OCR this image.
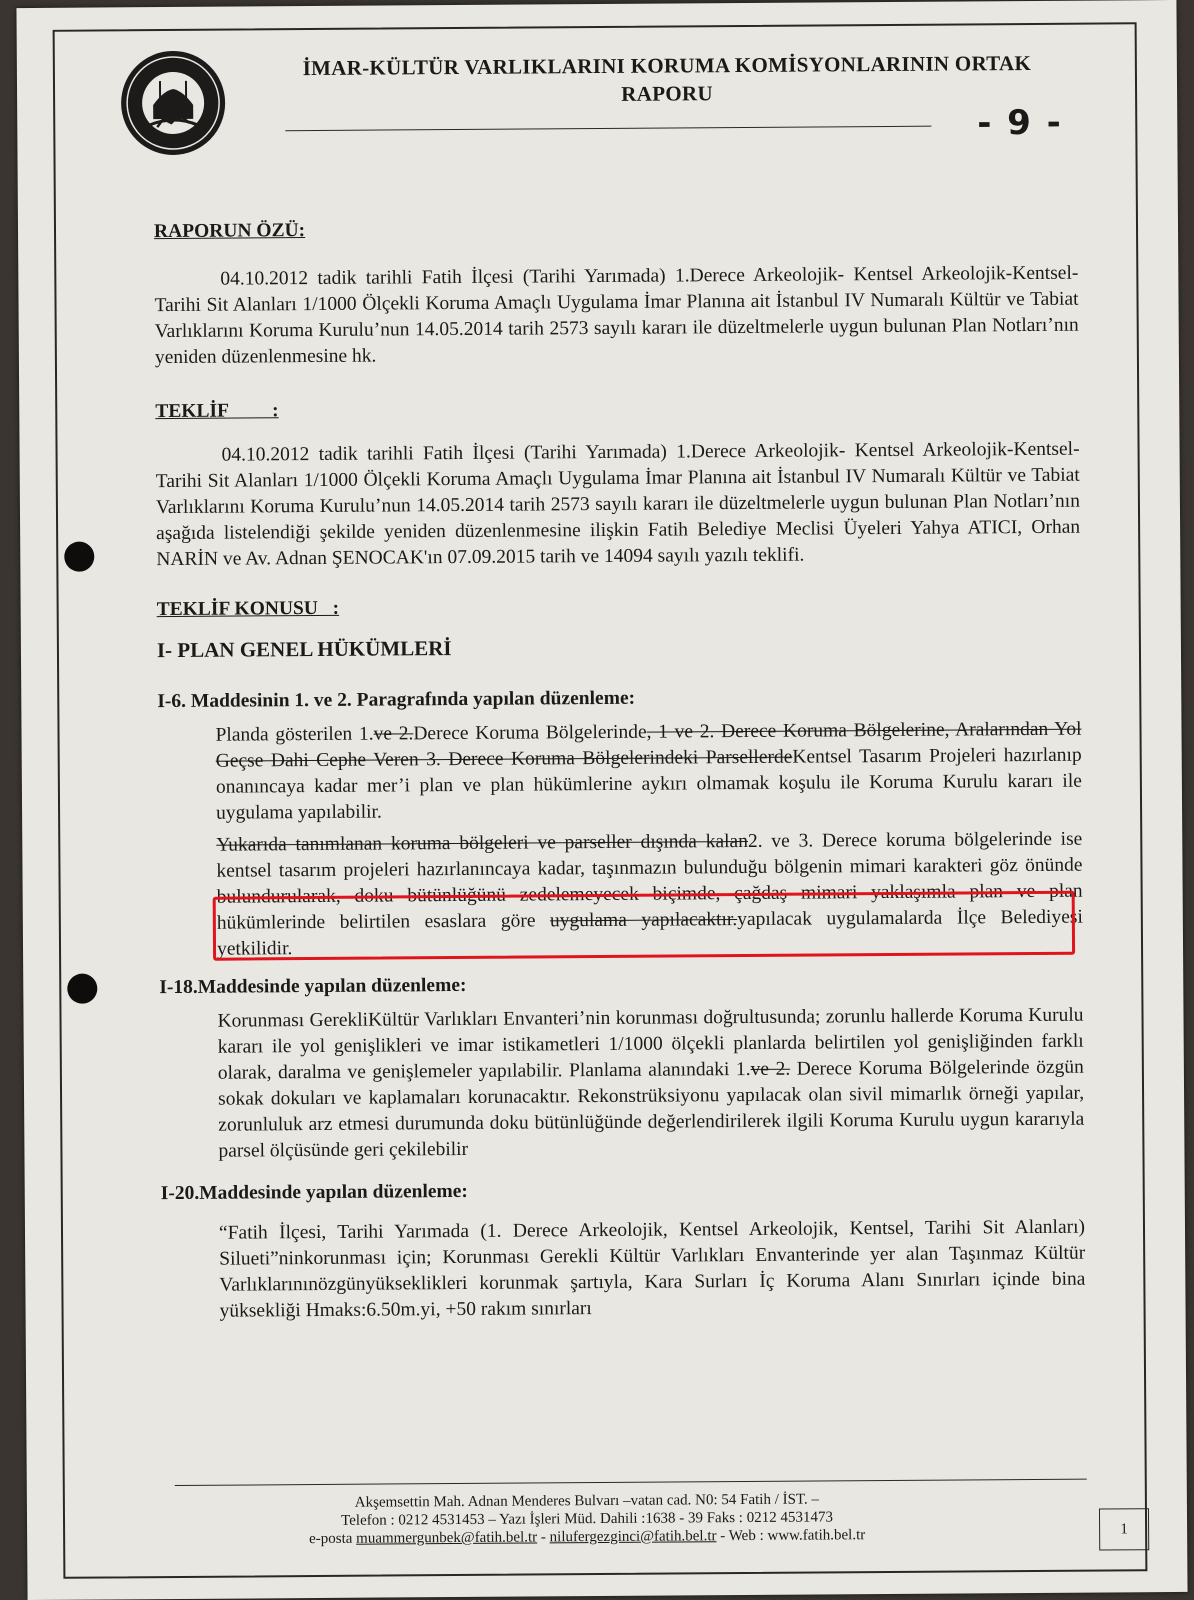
İMAR-KÜLTÜR VARLIKLARINI KORUMA KOMİSYONLARININ ORTAK
RAPORU
- 9 -

RAPORUN ÖZÜ:

04.10.2012 tadik tarihli Fatih İlçesi (Tarihi Yarımada) 1.Derece Arkeolojik- Kentsel Arkeolojik-Kentsel-Tarihi Sit Alanları 1/1000 Ölçekli Koruma Amaçlı Uygulama İmar Planına ait İstanbul IV Numaralı Kültür ve Tabiat Varlıklarını Koruma Kurulu’nun 14.05.2014 tarih 2573 sayılı kararı ile düzeltmelerle uygun bulunan Plan Notları’nın yeniden düzenlenmesine hk.

TEKLİF         :

04.10.2012 tadik tarihli Fatih İlçesi (Tarihi Yarımada) 1.Derece Arkeolojik- Kentsel Arkeolojik-Kentsel-Tarihi Sit Alanları 1/1000 Ölçekli Koruma Amaçlı Uygulama İmar Planına ait İstanbul IV Numaralı Kültür ve Tabiat Varlıklarını Koruma Kurulu’nun 14.05.2014 tarih 2573 sayılı kararı ile düzeltmelerle uygun bulunan Plan Notları’nın aşağıda listelendiği şekilde yeniden düzenlenmesine ilişkin Fatih Belediye Meclisi Üyeleri Yahya ATICI, Orhan NARİN ve Av. Adnan ŞENOCAK'ın 07.09.2015 tarih ve 14094 sayılı yazılı teklifi.

TEKLİF KONUSU   :

I- PLAN GENEL HÜKÜMLERİ

I-6. Maddesinin 1. ve 2. Paragrafında yapılan düzenleme:

Planda gösterilen 1.ve 2.Derece Koruma Bölgelerinde, 1 ve 2. Derece Koruma Bölgelerine, Aralarından Yol Geçse Dahi Cephe Veren 3. Derece Koruma Bölgelerindeki ParsellerdeKentsel Tasarım Projeleri hazırlanıp onanıncaya kadar mer’i plan ve plan hükümlerine aykırı olmamak koşulu ile Koruma Kurulu kararı ile uygulama yapılabilir.

Yukarıda tanımlanan koruma bölgeleri ve parseller dışında kalan2. ve 3. Derece koruma bölgelerinde ise kentsel tasarım projeleri hazırlanıncaya kadar, taşınmazın bulunduğu bölgenin mimari karakteri göz önünde bulundurularak, doku bütünlüğünü zedelemeyecek biçimde, çağdaş mimari yaklaşımla plan ve plan hükümlerinde belirtilen esaslara göre uygulama yapılacaktır.yapılacak uygulamalarda İlçe Belediyesi yetkilidir.

I-18.Maddesinde yapılan düzenleme:

Korunması GerekliKültür Varlıkları Envanteri’nin korunması doğrultusunda; zorunlu hallerde Koruma Kurulu kararı ile yol genişlikleri ve imar istikametleri 1/1000 ölçekli planlarda belirtilen yol genişliğinden farklı olarak, daralma ve genişlemeler yapılabilir. Planlama alanındaki 1.ve 2. Derece Koruma Bölgelerinde özgün sokak dokuları ve kaplamaları korunacaktır. Rekonstrüksiyonu yapılacak olan sivil mimarlık örneği yapılar, zorunluluk arz etmesi durumunda doku bütünlüğünde değerlendirilerek ilgili Koruma Kurulu uygun kararıyla parsel ölçüsünde geri çekilebilir

I-20.Maddesinde yapılan düzenleme:

“Fatih İlçesi, Tarihi Yarımada (1. Derece Arkeolojik, Kentsel Arkeolojik, Kentsel, Tarihi Sit Alanları) Silueti”ninkorunması için; Korunması Gerekli Kültür Varlıkları Envanterinde yer alan Taşınmaz Kültür Varlıklarınınözgünyükseklikleri korunmak şartıyla, Kara Surları İç Koruma Alanı Sınırları içinde bina yüksekliği Hmaks:6.50m.yi, +50 rakım sınırları

Akşemsettin Mah. Adnan Menderes Bulvarı –vatan cad. N0: 54 Fatih / İST. –
Telefon : 0212 4531453 – Yazı İşleri Müd. Dahili :1638 - 39 Faks : 0212 4531473
e-posta muammergunbek@fatih.bel.tr - nilufergezginci@fatih.bel.tr - Web : www.fatih.bel.tr	1
